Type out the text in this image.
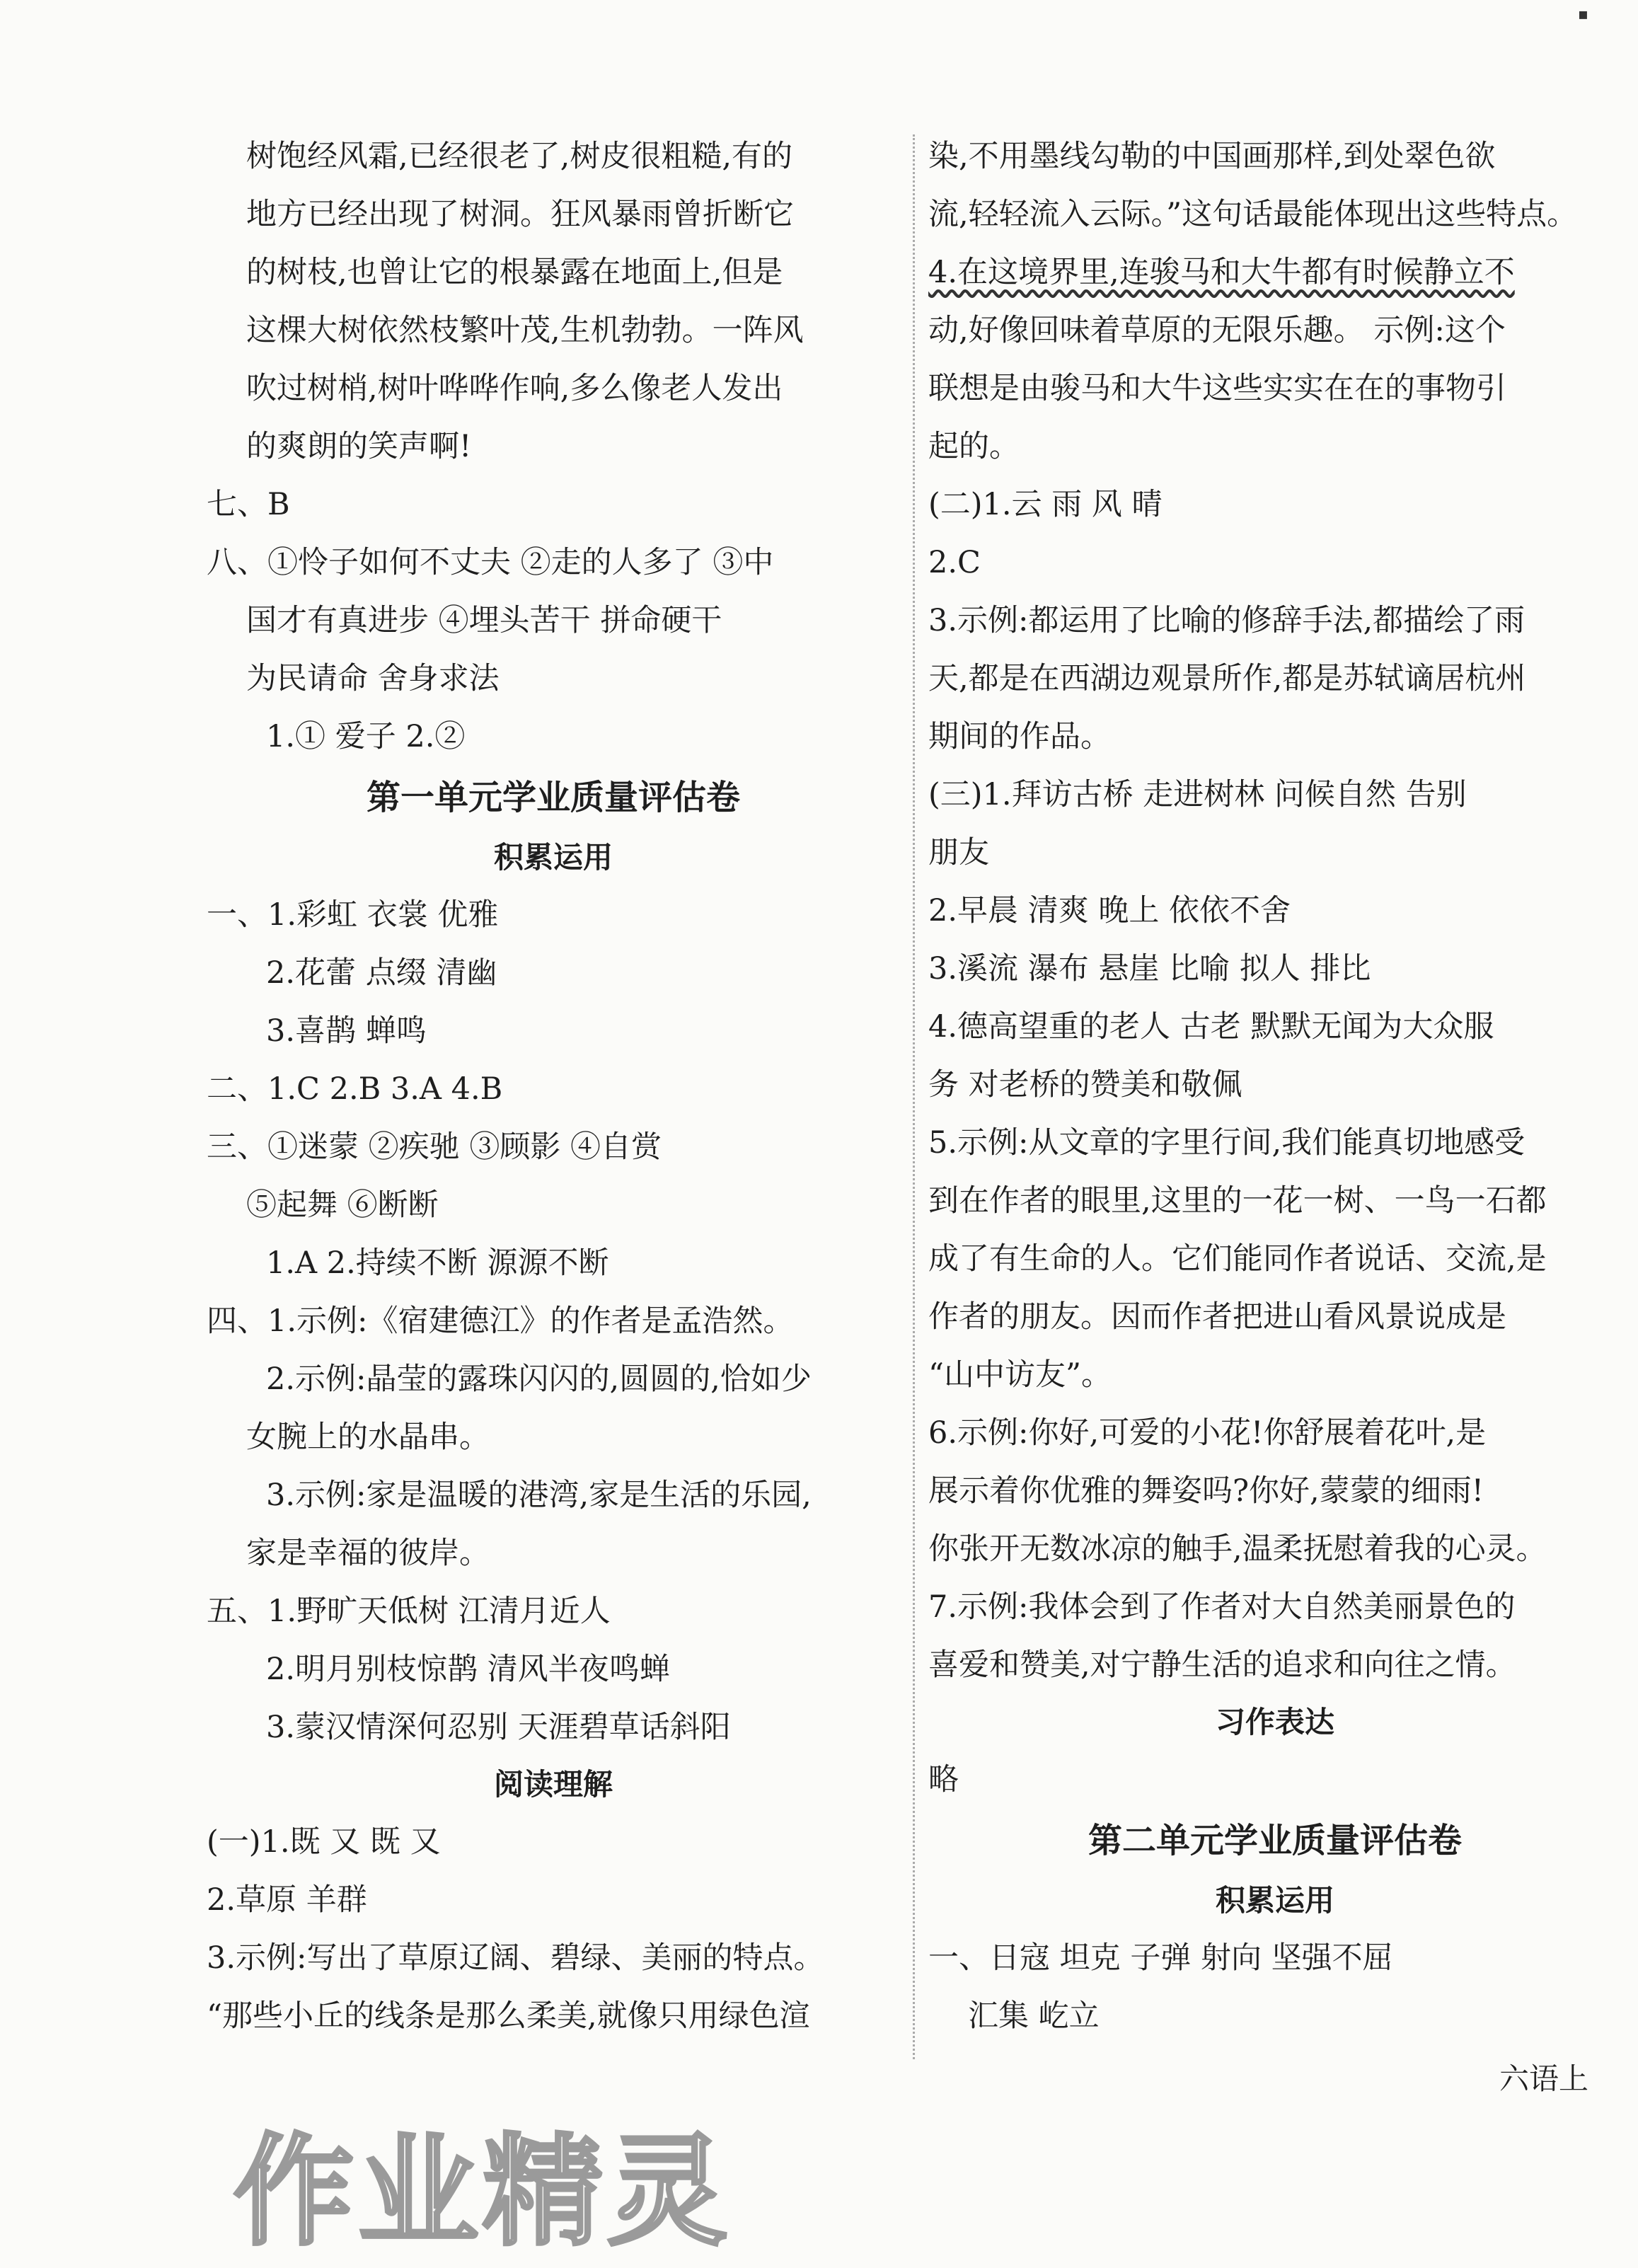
▪
树饱经风霜,已经很老了,树皮很粗糙,有的
地方已经出现了树洞。狂风暴雨曾折断它
的树枝,也曾让它的根暴露在地面上,但是
这棵大树依然枝繁叶茂,生机勃勃。一阵风
吹过树梢,树叶哗哗作响,多么像老人发出
的爽朗的笑声啊!
七、B
八、①怜子如何不丈夫 ②走的人多了 ③中
国才有真进步 ④埋头苦干 拼命硬干
为民请命 舍身求法
1.① 爱子 2.②
第一单元学业质量评估卷
积累运用
一、1.彩虹 衣裳 优雅
2.花蕾 点缀 清幽
3.喜鹊 蝉鸣
二、1.C 2.B 3.A 4.B
三、①迷蒙 ②疾驰 ③顾影 ④自赏
⑤起舞 ⑥断断
1.A 2.持续不断 源源不断
四、1.示例:《宿建德江》的作者是孟浩然。
2.示例:晶莹的露珠闪闪的,圆圆的,恰如少
女腕上的水晶串。
3.示例:家是温暖的港湾,家是生活的乐园,
家是幸福的彼岸。
五、1.野旷天低树 江清月近人
2.明月别枝惊鹊 清风半夜鸣蝉
3.蒙汉情深何忍别 天涯碧草话斜阳
阅读理解
(一)1.既 又 既 又
2.草原 羊群
3.示例:写出了草原辽阔、碧绿、美丽的特点。
“那些小丘的线条是那么柔美,就像只用绿色渲
染,不用墨线勾勒的中国画那样,到处翠色欲
流,轻轻流入云际。”这句话最能体现出这些特点。
4.在这境界里,连骏马和大牛都有时候静立不
动,好像回味着草原的无限乐趣。 示例:这个
联想是由骏马和大牛这些实实在在的事物引
起的。
(二)1.云 雨 风 晴
2.C
3.示例:都运用了比喻的修辞手法,都描绘了雨
天,都是在西湖边观景所作,都是苏轼谪居杭州
期间的作品。
(三)1.拜访古桥 走进树林 问候自然 告别
朋友
2.早晨 清爽 晚上 依依不舍
3.溪流 瀑布 悬崖 比喻 拟人 排比
4.德高望重的老人 古老 默默无闻为大众服
务 对老桥的赞美和敬佩
5.示例:从文章的字里行间,我们能真切地感受
到在作者的眼里,这里的一花一树、一鸟一石都
成了有生命的人。它们能同作者说话、交流,是
作者的朋友。因而作者把进山看风景说成是
“山中访友”。
6.示例:你好,可爱的小花!你舒展着花叶,是
展示着你优雅的舞姿吗?你好,蒙蒙的细雨!
你张开无数冰凉的触手,温柔抚慰着我的心灵。
7.示例:我体会到了作者对大自然美丽景色的
喜爱和赞美,对宁静生活的追求和向往之情。
习作表达
略
第二单元学业质量评估卷
积累运用
一、日寇 坦克 子弹 射向 坚强不屈
汇集 屹立
六语上
作业精灵
